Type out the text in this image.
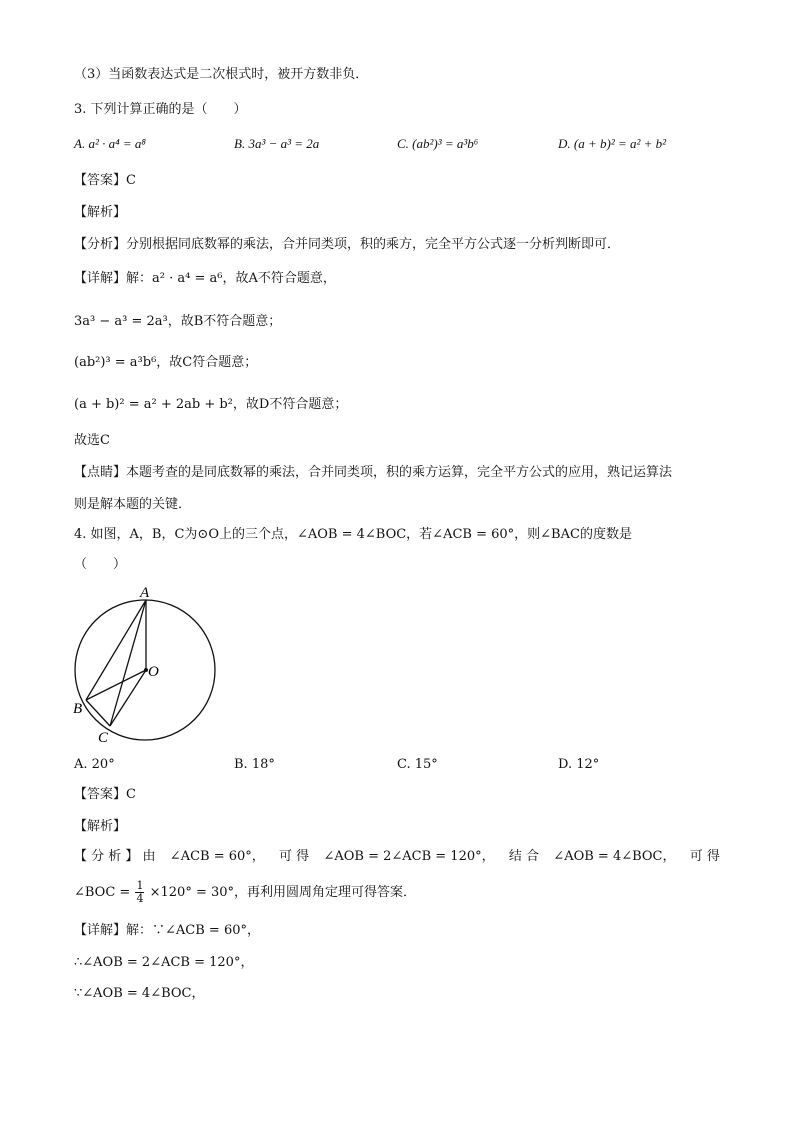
（3）当函数表达式是二次根式时，被开方数非负．
3. 下列计算正确的是（　　）
A. a² · a⁴ = a⁸	B. 3a³ − a³ = 2a	C. (ab²)³ = a³b⁶	D. (a + b)² = a² + b²
【答案】C
【解析】
【分析】分别根据同底数幂的乘法，合并同类项，积的乘方，完全平方公式逐一分析判断即可．
【详解】解：a² · a⁴ = a⁶，故A不符合题意，
3a³ − a³ = 2a³，故B不符合题意；
(ab²)³ = a³b⁶，故C符合题意；
(a + b)² = a² + 2ab + b²，故D不符合题意；
故选C
【点睛】本题考查的是同底数幂的乘法，合并同类项，积的乘方运算，完全平方公式的应用，熟记运算法
则是解本题的关键．
4. 如图，A，B，C为⊙O上的三个点，∠AOB = 4∠BOC，若∠ACB = 60°，则∠BAC的度数是
（　　）
A
O
B
C
A. 20°	B. 18°	C. 15°	D. 12°
【答案】C
【解析】
【 分 析 】 由 ∠ACB = 60°， 可 得 ∠AOB = 2∠ACB = 120°， 结 合 ∠AOB = 4∠BOC， 可 得
∠BOC = $\frac{1}{4} \times 120^\circ = 30^\circ$，再利用圆周角定理可得答案．
【详解】解：∵∠ACB = 60°，
∴∠AOB = 2∠ACB = 120°，
∵∠AOB = 4∠BOC，
